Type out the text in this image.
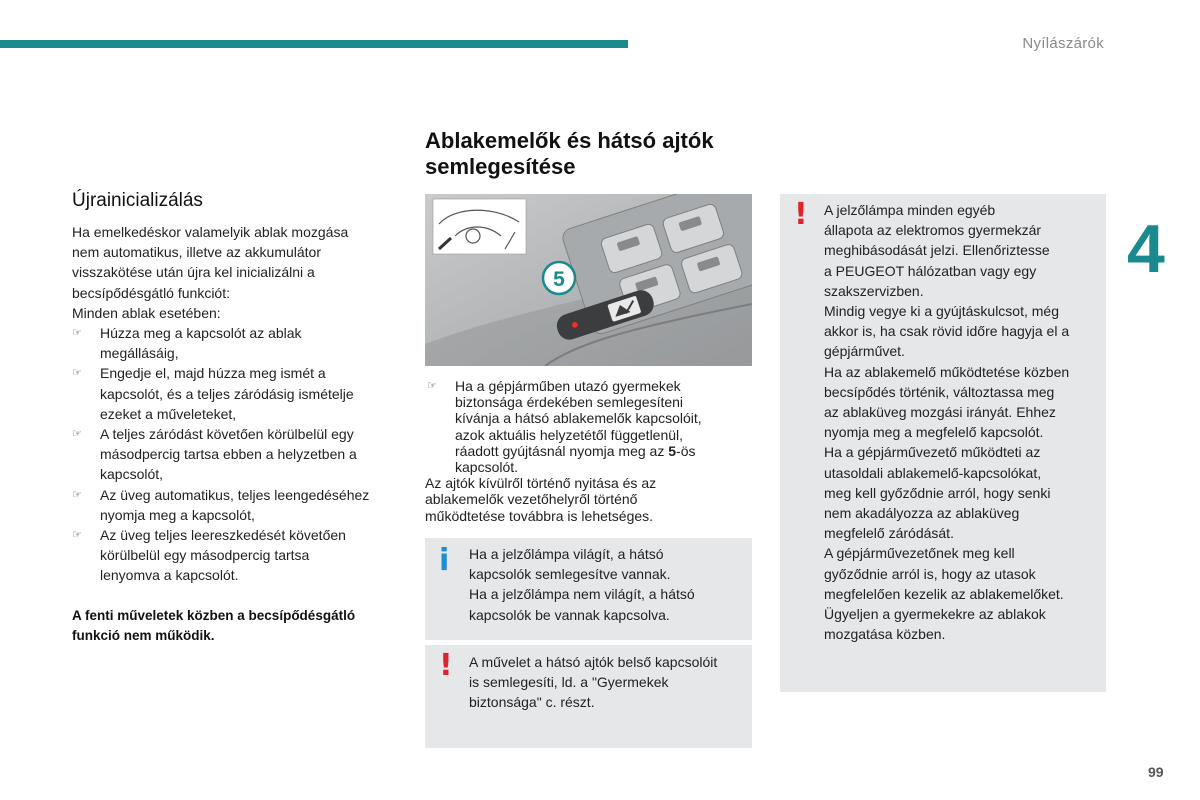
Nyílászárók
4
99
Újrainicializálás
Ha emelkedéskor valamelyik ablak mozgása
nem automatikus, illetve az akkumulátor
visszakötése után újra kel inicializálni a
becsípődésgátló funkciót:
Minden ablak esetében:
☞ Húzza meg a kapcsolót az ablak
megállásáig,
☞ Engedje el, majd húzza meg ismét a
kapcsolót, és a teljes záródásig ismételje
ezeket a műveleteket,
☞ A teljes záródást követően körülbelül egy
másodpercig tartsa ebben a helyzetben a
kapcsolót,
☞ Az üveg automatikus, teljes leengedéséhez
nyomja meg a kapcsolót,
☞ Az üveg teljes leereszkedését követően
körülbelül egy másodpercig tartsa
lenyomva a kapcsolót.
A fenti műveletek közben a becsípődésgátló
funkció nem működik.
Ablakemelők és hátsó ajtók
semlegesítése
5
☞ Ha a gépjárműben utazó gyermekek
biztonsága érdekében semlegesíteni
kívánja a hátsó ablakemelők kapcsolóit,
azok aktuális helyzetétől függetlenül,
ráadott gyújtásnál nyomja meg az 5-ös
kapcsolót.
Az ajtók kívülről történő nyitása és az
ablakemelők vezetőhelyről történő
működtetése továbbra is lehetséges.
i Ha a jelzőlámpa világít, a hátsó
kapcsolók semlegesítve vannak.
Ha a jelzőlámpa nem világít, a hátsó
kapcsolók be vannak kapcsolva.
! A művelet a hátsó ajtók belső kapcsolóit
is semlegesíti, ld. a "Gyermekek
biztonsága" c. részt.
! A jelzőlámpa minden egyéb
állapota az elektromos gyermekzár
meghibásodását jelzi. Ellenőriztesse
a PEUGEOT hálózatban vagy egy
szakszervizben.
Mindig vegye ki a gyújtáskulcsot, még
akkor is, ha csak rövid időre hagyja el a
gépjárművet.
Ha az ablakemelő működtetése közben
becsípődés történik, változtassa meg
az ablaküveg mozgási irányát. Ehhez
nyomja meg a megfelelő kapcsolót.
Ha a gépjárművezető működteti az
utasoldali ablakemelő-kapcsolókat,
meg kell győződnie arról, hogy senki
nem akadályozza az ablaküveg
megfelelő záródását.
A gépjárművezetőnek meg kell
győződnie arról is, hogy az utasok
megfelelően kezelik az ablakemelőket.
Ügyeljen a gyermekekre az ablakok
mozgatása közben.
